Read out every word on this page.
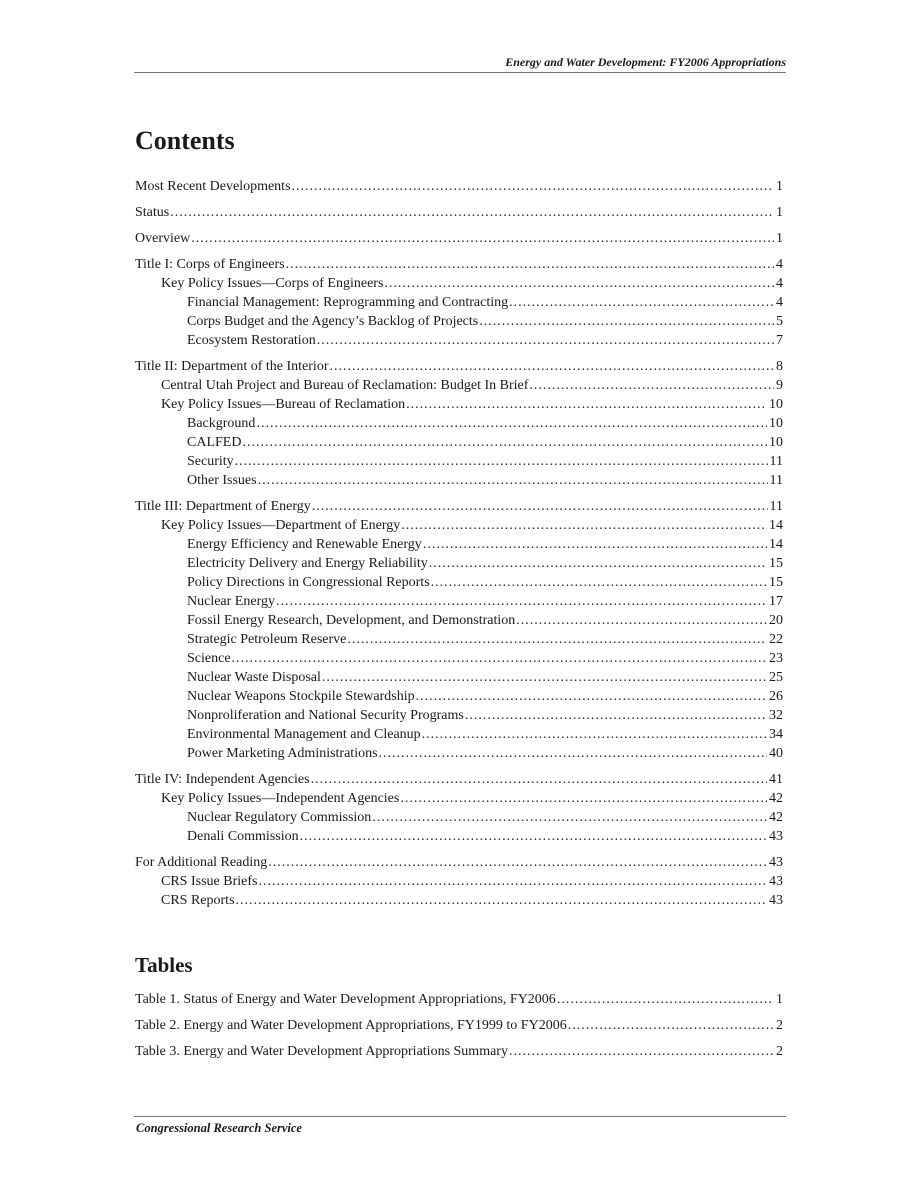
Energy and Water Development: FY2006 Appropriations
Contents
Most Recent Developments .....	1
Status .....	1
Overview .....	1
Title I: Corps of Engineers .....	4
Key Policy Issues—Corps of Engineers .....	4
Financial Management: Reprogramming and Contracting .....	4
Corps Budget and the Agency’s Backlog of Projects .....	5
Ecosystem Restoration .....	7
Title II: Department of the Interior .....	8
Central Utah Project and Bureau of Reclamation: Budget In Brief .....	9
Key Policy Issues—Bureau of Reclamation .....	10
Background .....	10
CALFED .....	10
Security .....	11
Other Issues .....	11
Title III: Department of Energy .....	11
Key Policy Issues—Department of Energy .....	14
Energy Efficiency and Renewable Energy .....	14
Electricity Delivery and Energy Reliability .....	15
Policy Directions in Congressional Reports .....	15
Nuclear Energy .....	17
Fossil Energy Research, Development, and Demonstration .....	20
Strategic Petroleum Reserve .....	22
Science .....	23
Nuclear Waste Disposal .....	25
Nuclear Weapons Stockpile Stewardship .....	26
Nonproliferation and National Security Programs .....	32
Environmental Management and Cleanup .....	34
Power Marketing Administrations .....	40
Title IV: Independent Agencies .....	41
Key Policy Issues—Independent Agencies .....	42
Nuclear Regulatory Commission .....	42
Denali Commission .....	43
For Additional Reading .....	43
CRS Issue Briefs .....	43
CRS Reports .....	43
Tables
Table 1. Status of Energy and Water Development Appropriations, FY2006 .....	1
Table 2. Energy and Water Development Appropriations, FY1999 to FY2006 .....	2
Table 3. Energy and Water Development Appropriations Summary .....	2
Congressional Research Service
